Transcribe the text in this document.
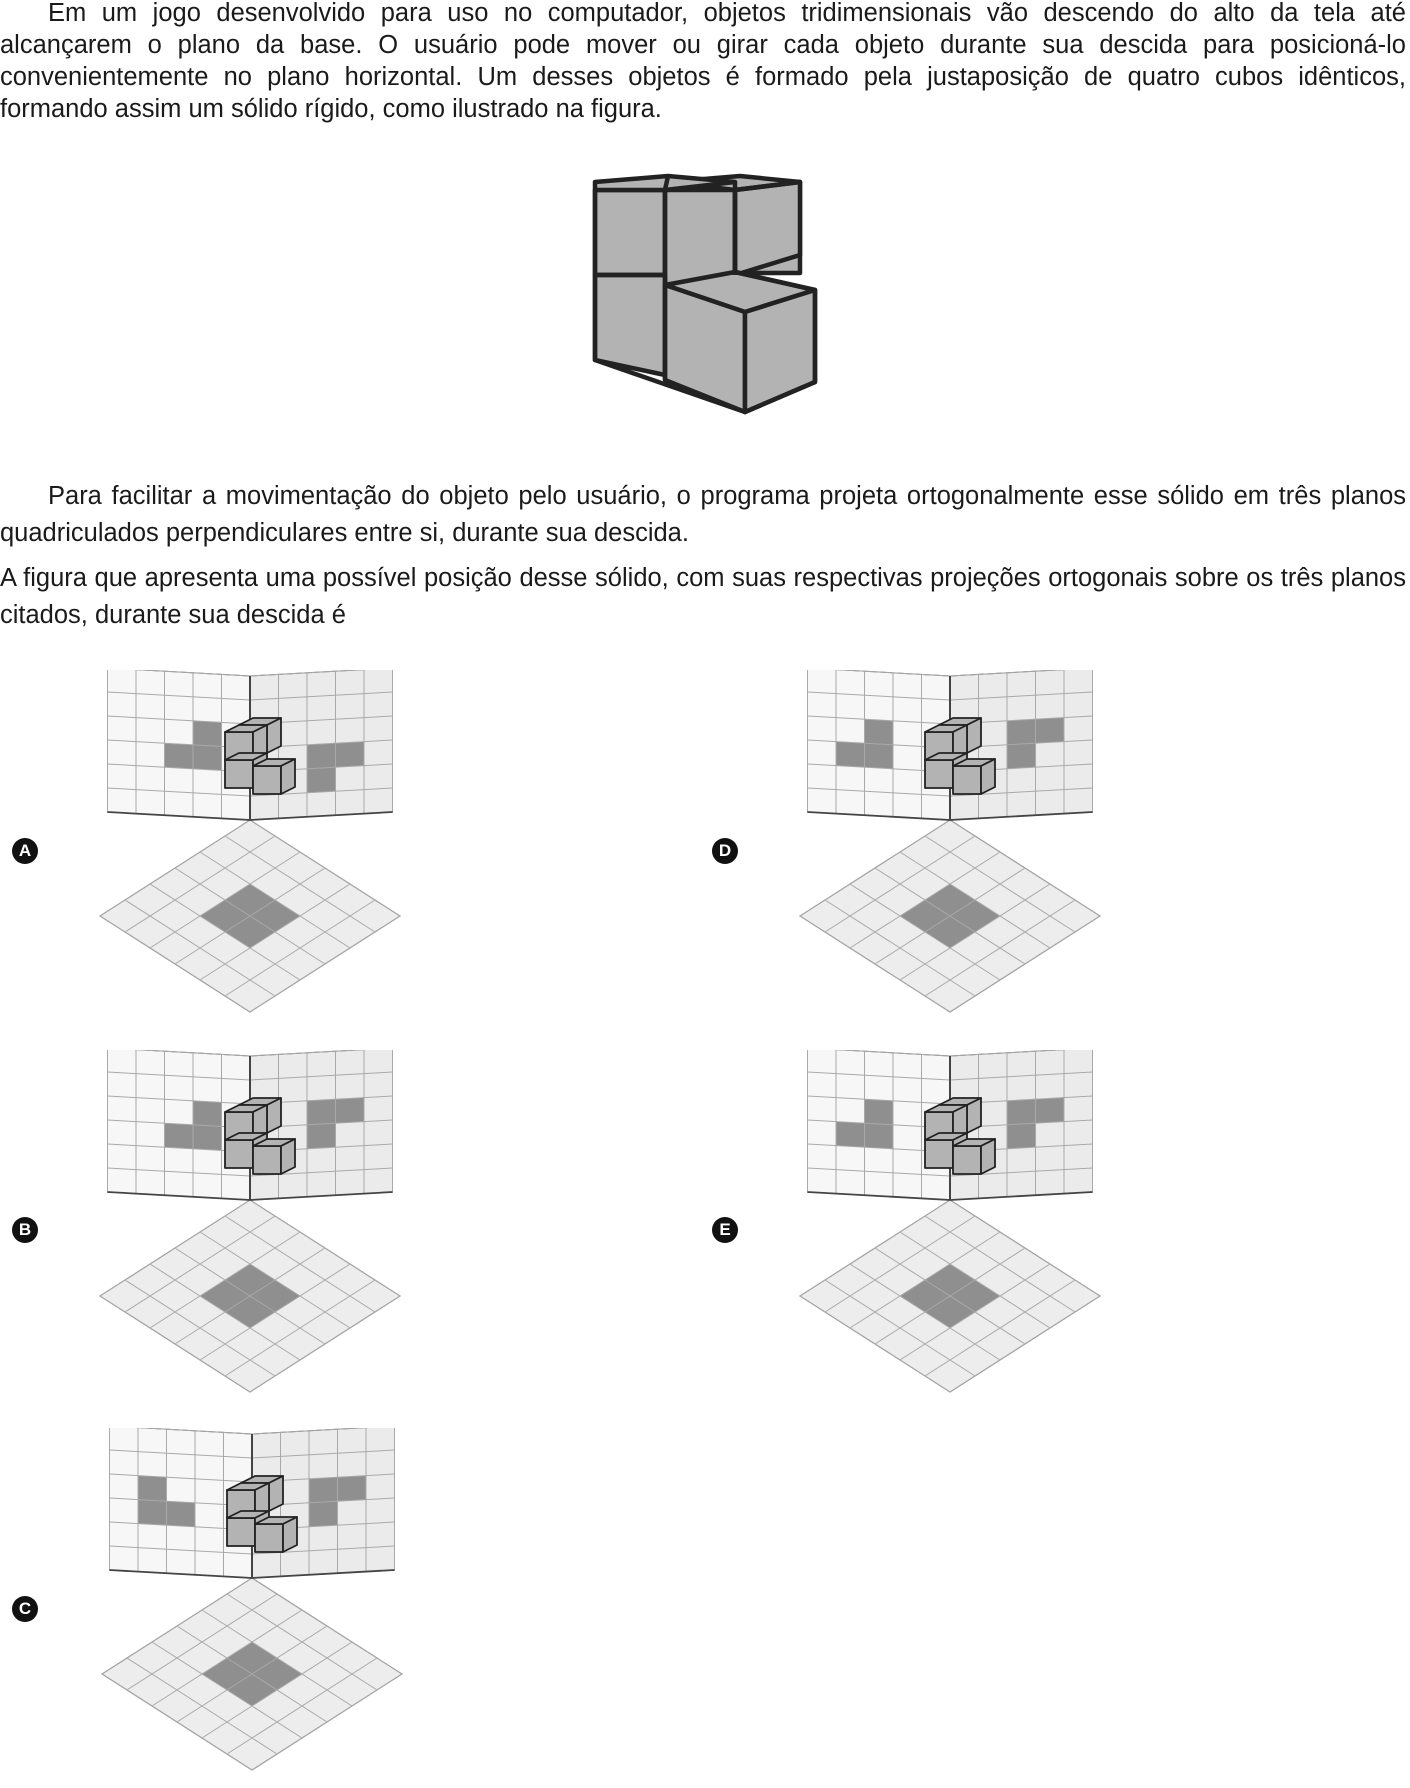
Em um jogo desenvolvido para uso no computador, objetos tridimensionais vão descendo do alto da tela até alcançarem o plano da base. O usuário pode mover ou girar cada objeto durante sua descida para posicioná-lo convenientemente no plano horizontal. Um desses objetos é formado pela justaposição de quatro cubos idênticos, formando assim um sólido rígido, como ilustrado na figura.

Para facilitar a movimentação do objeto pelo usuário, o programa projeta ortogonalmente esse sólido em três planos quadriculados perpendiculares entre si, durante sua descida.

A figura que apresenta uma possível posição desse sólido, com suas respectivas projeções ortogonais sobre os três planos citados, durante sua descida é

A	D
B	E
C
